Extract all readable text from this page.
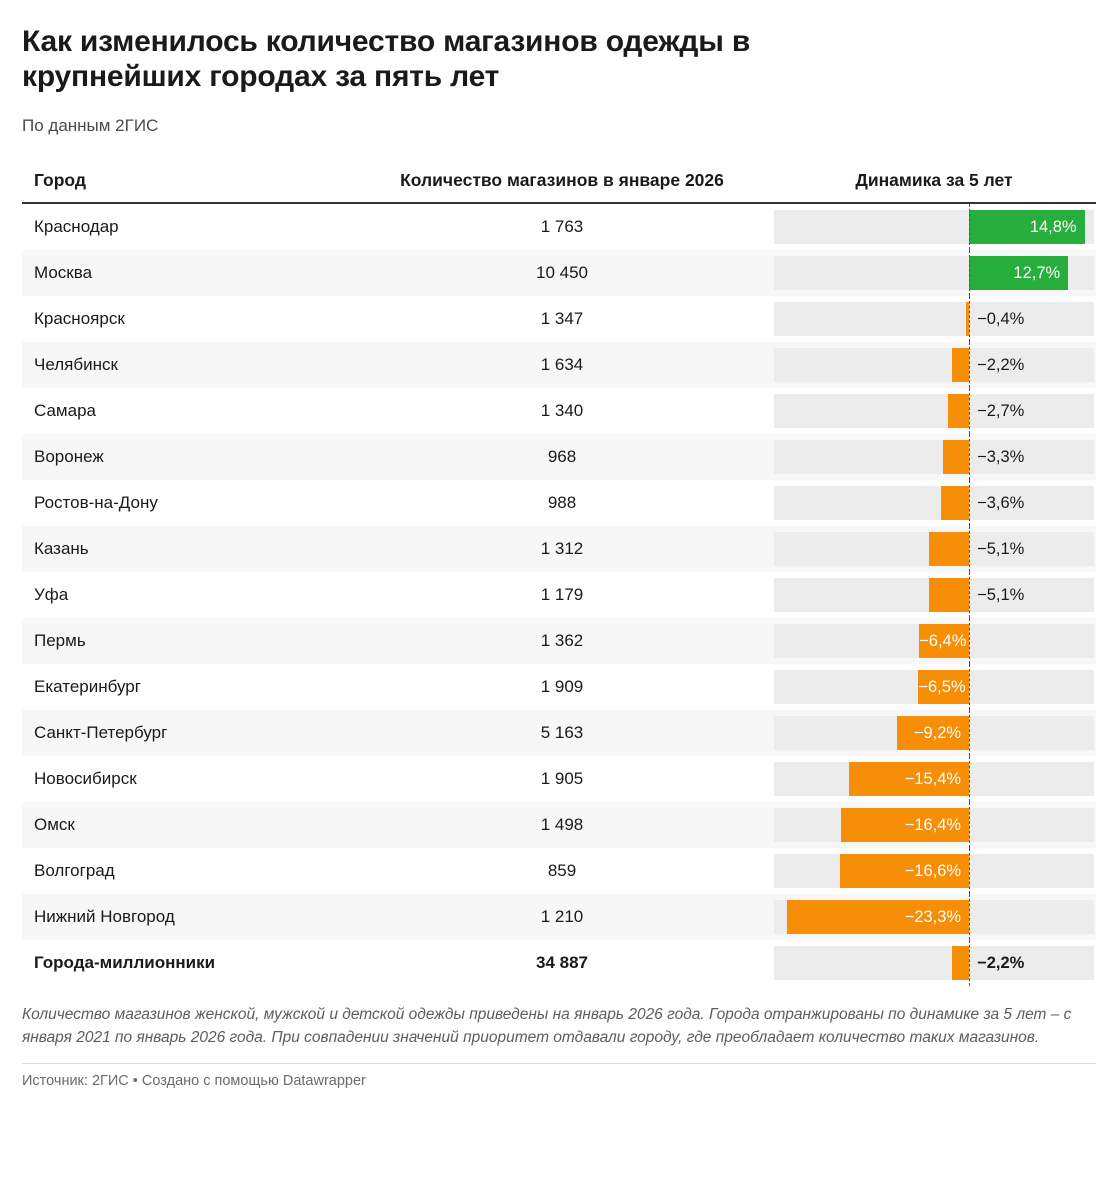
Как изменилось количество магазинов одежды в крупнейших городах за пять лет
По данным 2ГИС
Город	Количество магазинов в январе 2026	Динамика за 5 лет

Краснодар	1 763	14,8%

Москва	10 450	12,7%

Красноярск	1 347	−0,4%

Челябинск	1 634	−2,2%

Самара	1 340	−2,7%

Воронеж	968	−3,3%

Ростов-на-Дону	988	−3,6%

Казань	1 312	−5,1%

Уфа	1 179	−5,1%

Пермь	1 362	−6,4%

Екатеринбург	1 909	−6,5%

Санкт-Петербург	5 163	−9,2%

Новосибирск	1 905	−15,4%

Омск	1 498	−16,4%

Волгоград	859	−16,6%

Нижний Новгород	1 210	−23,3%

Города-миллионники	34 887	−2,2%
Количество магазинов женской, мужской и детской одежды приведены на январь 2026 года. Города отранжированы по динамике за 5 лет – с января 2021 по январь 2026 года. При совпадении значений приоритет отдавали городу, где преобладает количество таких магазинов.
Источник: 2ГИС • Создано с помощью Datawrapper
